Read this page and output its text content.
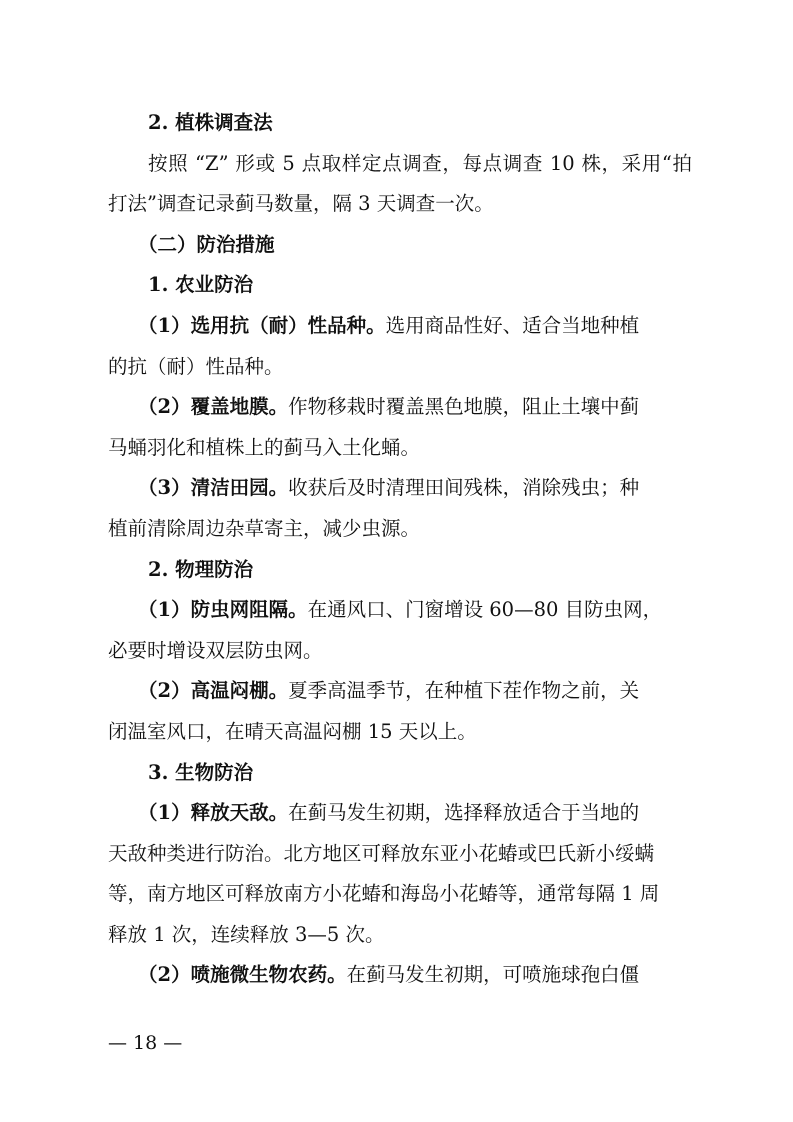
2. 植株调查法
按照 “Z” 形或 5 点取样定点调查，每点调查 10 株，采用“拍
打法”调查记录蓟马数量，隔 3 天调查一次。
（二）防治措施
1. 农业防治
（1）选用抗（耐）性品种。选用商品性好、适合当地种植
的抗（耐）性品种。
（2）覆盖地膜。作物移栽时覆盖黑色地膜，阻止土壤中蓟
马蛹羽化和植株上的蓟马入土化蛹。
（3）清洁田园。收获后及时清理田间残株，消除残虫；种
植前清除周边杂草寄主，减少虫源。
2. 物理防治
（1）防虫网阻隔。在通风口、门窗增设 60—80 目防虫网，
必要时增设双层防虫网。
（2）高温闷棚。夏季高温季节，在种植下茬作物之前，关
闭温室风口，在晴天高温闷棚 15 天以上。
3. 生物防治
（1）释放天敌。在蓟马发生初期，选择释放适合于当地的
天敌种类进行防治。北方地区可释放东亚小花蝽或巴氏新小绥螨
等，南方地区可释放南方小花蝽和海岛小花蝽等，通常每隔 1 周
释放 1 次，连续释放 3—5 次。
（2）喷施微生物农药。在蓟马发生初期，可喷施球孢白僵
— 18 —
